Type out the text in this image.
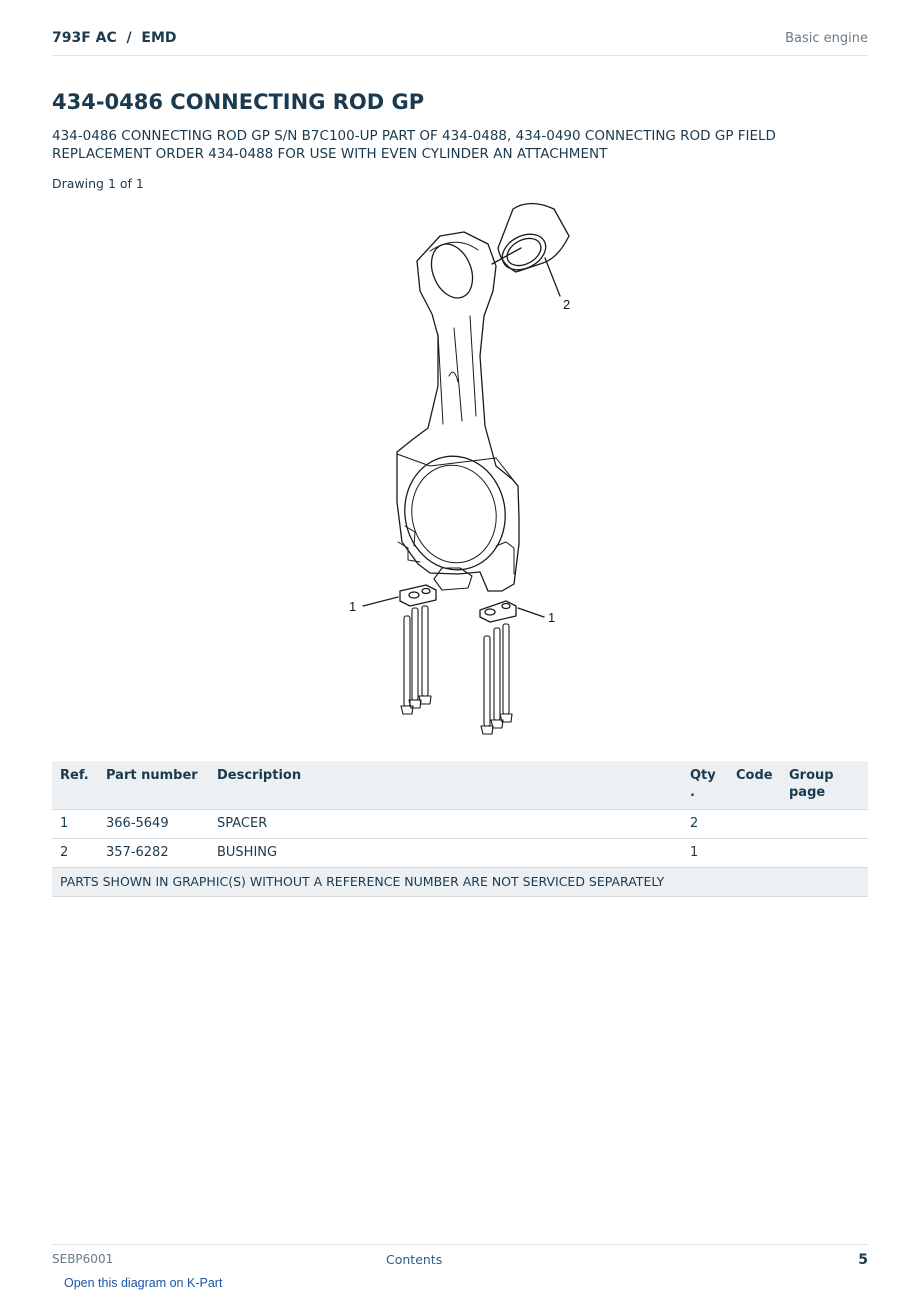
793F AC  /  EMD	Basic engine
434-0486 CONNECTING ROD GP
434-0486 CONNECTING ROD GP S/N B7C100-UP PART OF 434-0488, 434-0490 CONNECTING ROD GP FIELD REPLACEMENT ORDER 434-0488 FOR USE WITH EVEN CYLINDER AN ATTACHMENT
Drawing 1 of 1
1
1
2
Ref.	Part number	Description	Qty .	Code	Group page
1	366-5649	SPACER	2		
2	357-6282	BUSHING	1		
PARTS SHOWN IN GRAPHIC(S) WITHOUT A REFERENCE NUMBER ARE NOT SERVICED SEPARATELY					
SEBP6001	Contents	5
Open this diagram on K-Part
